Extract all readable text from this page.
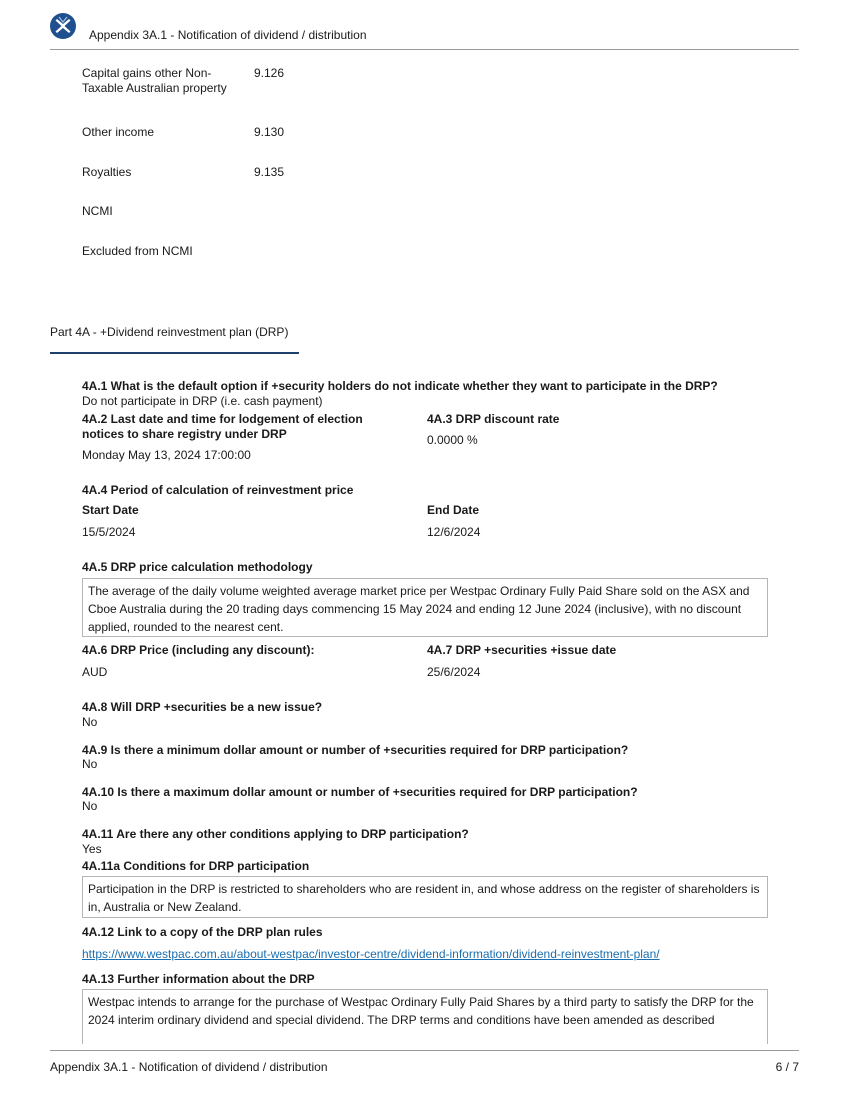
Appendix 3A.1 - Notification of dividend / distribution
Capital gains other Non-Taxable Australian property
9.126
Other income	9.130
Royalties	9.135
NCMI
Excluded from NCMI
Part 4A - +Dividend reinvestment plan (DRP)
4A.1 What is the default option if +security holders do not indicate whether they want to participate in the DRP?
Do not participate in DRP (i.e. cash payment)
4A.2 Last date and time for lodgement of election notices to share registry under DRP
Monday May 13, 2024 17:00:00
4A.3 DRP discount rate
0.0000 %
4A.4 Period of calculation of reinvestment price
Start Date
15/5/2024
End Date
12/6/2024
4A.5 DRP price calculation methodology
The average of the daily volume weighted average market price per Westpac Ordinary Fully Paid Share sold on the ASX and Cboe Australia during the 20 trading days commencing 15 May 2024 and ending 12 June 2024 (inclusive), with no discount applied, rounded to the nearest cent.
4A.6 DRP Price (including any discount):
AUD
4A.7 DRP +securities +issue date
25/6/2024
4A.8 Will DRP +securities be a new issue?
No
4A.9 Is there a minimum dollar amount or number of +securities required for DRP participation?
No
4A.10 Is there a maximum dollar amount or number of +securities required for DRP participation?
No
4A.11 Are there any other conditions applying to DRP participation?
Yes
4A.11a Conditions for DRP participation
Participation in the DRP is restricted to shareholders who are resident in, and whose address on the register of shareholders is in, Australia or New Zealand.
4A.12 Link to a copy of the DRP plan rules
https://www.westpac.com.au/about-westpac/investor-centre/dividend-information/dividend-reinvestment-plan/
4A.13 Further information about the DRP
Westpac intends to arrange for the purchase of Westpac Ordinary Fully Paid Shares by a third party to satisfy the DRP for the 2024 interim ordinary dividend and special dividend. The DRP terms and conditions have been amended as described
Appendix 3A.1 - Notification of dividend / distribution	6 / 7
